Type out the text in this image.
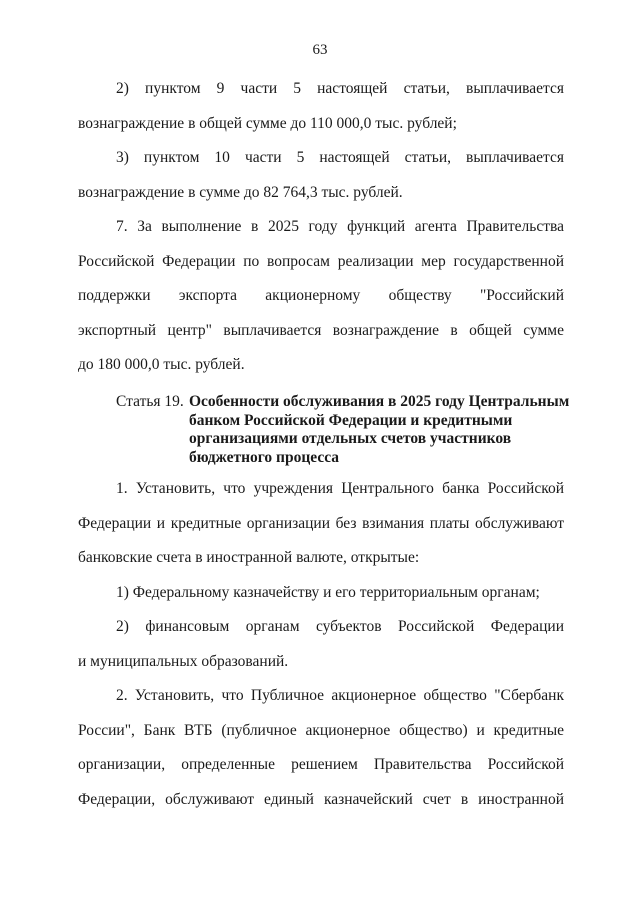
63
2) пунктом 9 части 5 настоящей статьи, выплачивается
вознаграждение в общей сумме до 110 000,0 тыс. рублей;
3) пунктом 10 части 5 настоящей статьи, выплачивается
вознаграждение в сумме до 82 764,3 тыс. рублей.
7. За выполнение в 2025 году функций агента Правительства
Российской Федерации по вопросам реализации мер государственной
поддержки экспорта акционерному обществу "Российский
экспортный центр" выплачивается вознаграждение в общей сумме
до 180 000,0 тыс. рублей.
Статья 19. Особенности обслуживания в 2025 году Центральным
банком Российской Федерации и кредитными
организациями отдельных счетов участников
бюджетного процесса
1. Установить, что учреждения Центрального банка Российской
Федерации и кредитные организации без взимания платы обслуживают
банковские счета в иностранной валюте, открытые:
1) Федеральному казначейству и его территориальным органам;
2) финансовым органам субъектов Российской Федерации
и муниципальных образований.
2. Установить, что Публичное акционерное общество "Сбербанк
России", Банк ВТБ (публичное акционерное общество) и кредитные
организации, определенные решением Правительства Российской
Федерации, обслуживают единый казначейский счет в иностранной
